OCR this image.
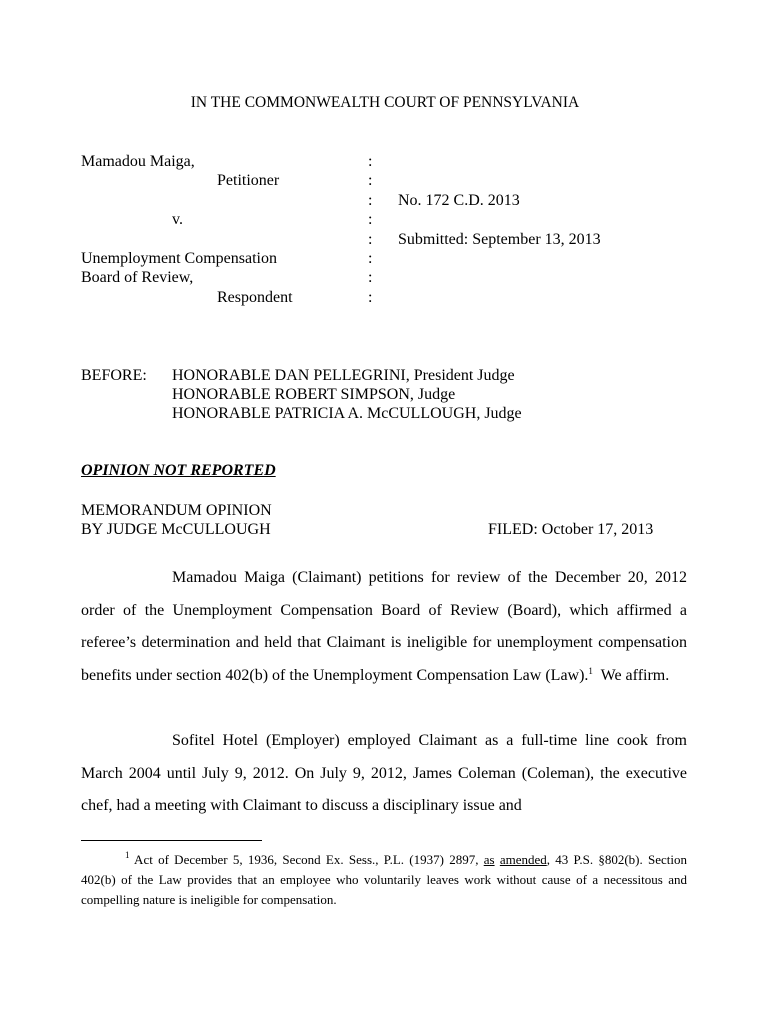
IN THE COMMONWEALTH COURT OF PENNSYLVANIA
Mamadou Maiga,
Petitioner
v.
Unemployment Compensation
Board of Review,
Respondent
:
:
:
:
:
:
:
:
No. 172 C.D. 2013
Submitted: September 13, 2013
BEFORE: HONORABLE DAN PELLEGRINI, President Judge
HONORABLE ROBERT SIMPSON, Judge
HONORABLE PATRICIA A. McCULLOUGH, Judge
OPINION NOT REPORTED
MEMORANDUM OPINION
BY JUDGE McCULLOUGH	FILED: October 17, 2013

Mamadou Maiga (Claimant) petitions for review of the December 20, 2012 order of the Unemployment Compensation Board of Review (Board), which affirmed a referee’s determination and held that Claimant is ineligible for unemployment compensation benefits under section 402(b) of the Unemployment Compensation Law (Law).$^1$  We affirm.

Sofitel Hotel (Employer) employed Claimant as a full-time line cook from March 2004 until July 9, 2012. On July 9, 2012, James Coleman (Coleman), the executive chef, had a meeting with Claimant to discuss a disciplinary issue and

$^1$ Act of December 5, 1936, Second Ex. Sess., P.L. (1937) 2897, as amended, 43 P.S. §802(b). Section 402(b) of the Law provides that an employee who voluntarily leaves work without cause of a necessitous and compelling nature is ineligible for compensation.
